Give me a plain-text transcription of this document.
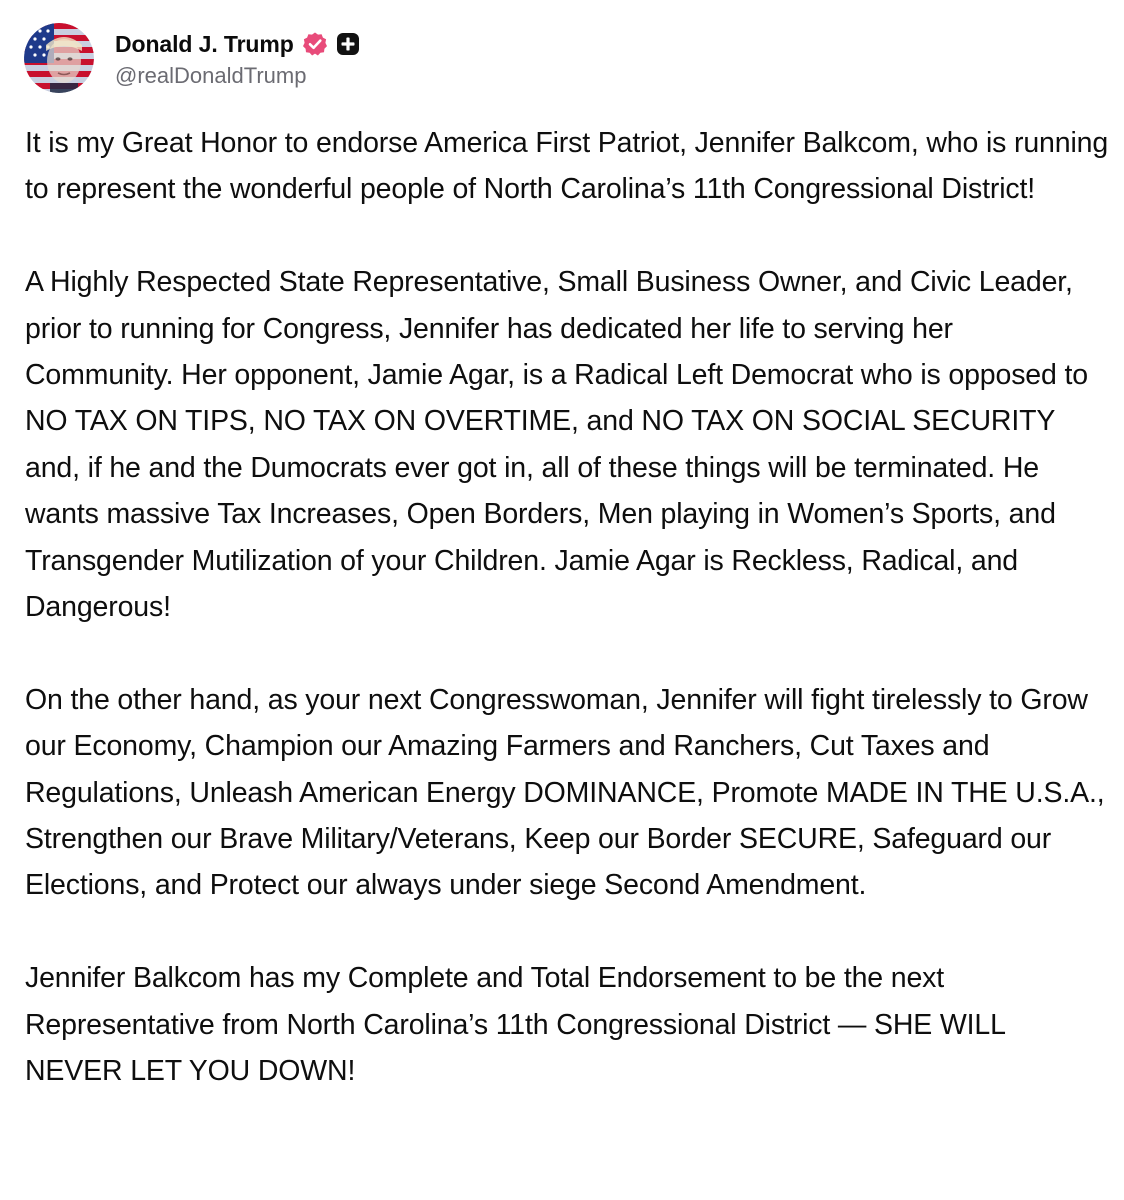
Donald J. Trump
@realDonaldTrump

It is my Great Honor to endorse America First Patriot, Jennifer Balkcom, who is running to represent the wonderful people of North Carolina’s 11th Congressional District!

A Highly Respected State Representative, Small Business Owner, and Civic Leader, prior to running for Congress, Jennifer has dedicated her life to serving her Community. Her opponent, Jamie Agar, is a Radical Left Democrat who is opposed to NO TAX ON TIPS, NO TAX ON OVERTIME, and NO TAX ON SOCIAL SECURITY and, if he and the Dumocrats ever got in, all of these things will be terminated. He wants massive Tax Increases, Open Borders, Men playing in Women’s Sports, and Transgender Mutilization of your Children. Jamie Agar is Reckless, Radical, and Dangerous!

On the other hand, as your next Congresswoman, Jennifer will fight tirelessly to Grow our Economy, Champion our Amazing Farmers and Ranchers, Cut Taxes and Regulations, Unleash American Energy DOMINANCE, Promote MADE IN THE U.S.A., Strengthen our Brave Military/Veterans, Keep our Border SECURE, Safeguard our Elections, and Protect our always under siege Second Amendment.

Jennifer Balkcom has my Complete and Total Endorsement to be the next Representative from North Carolina’s 11th Congressional District — SHE WILL NEVER LET YOU DOWN!
